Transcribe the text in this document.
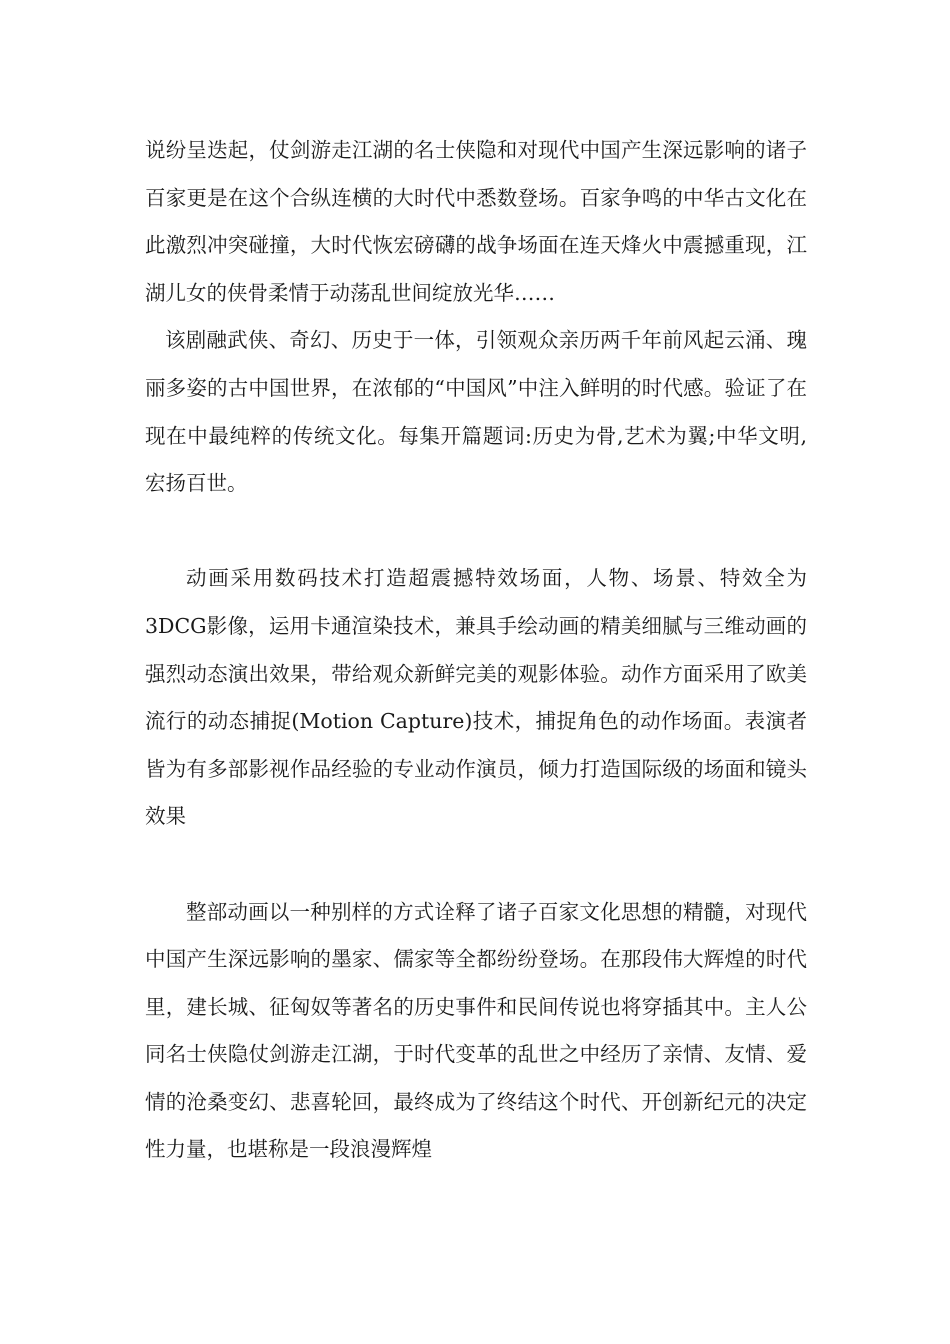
说纷呈迭起，仗剑游走江湖的名士侠隐和对现代中国产生深远影响的诸子百家更是在这个合纵连横的大时代中悉数登场。百家争鸣的中华古文化在此激烈冲突碰撞，大时代恢宏磅礴的战争场面在连天烽火中震撼重现，江湖儿女的侠骨柔情于动荡乱世间绽放光华……

该剧融武侠、奇幻、历史于一体，引领观众亲历两千年前风起云涌、瑰丽多姿的古中国世界，在浓郁的“中国风”中注入鲜明的时代感。验证了在现在中最纯粹的传统文化。每集开篇题词:历史为骨,艺术为翼;中华文明,宏扬百世。

动画采用数码技术打造超震撼特效场面，人物、场景、特效全为3DCG影像，运用卡通渲染技术，兼具手绘动画的精美细腻与三维动画的强烈动态演出效果，带给观众新鲜完美的观影体验。动作方面采用了欧美流行的动态捕捉(Motion Capture)技术，捕捉角色的动作场面。表演者皆为有多部影视作品经验的专业动作演员，倾力打造国际级的场面和镜头效果

整部动画以一种别样的方式诠释了诸子百家文化思想的精髓，对现代中国产生深远影响的墨家、儒家等全都纷纷登场。在那段伟大辉煌的时代里，建长城、征匈奴等著名的历史事件和民间传说也将穿插其中。主人公同名士侠隐仗剑游走江湖，于时代变革的乱世之中经历了亲情、友情、爱情的沧桑变幻、悲喜轮回，最终成为了终结这个时代、开创新纪元的决定性力量，也堪称是一段浪漫辉煌
